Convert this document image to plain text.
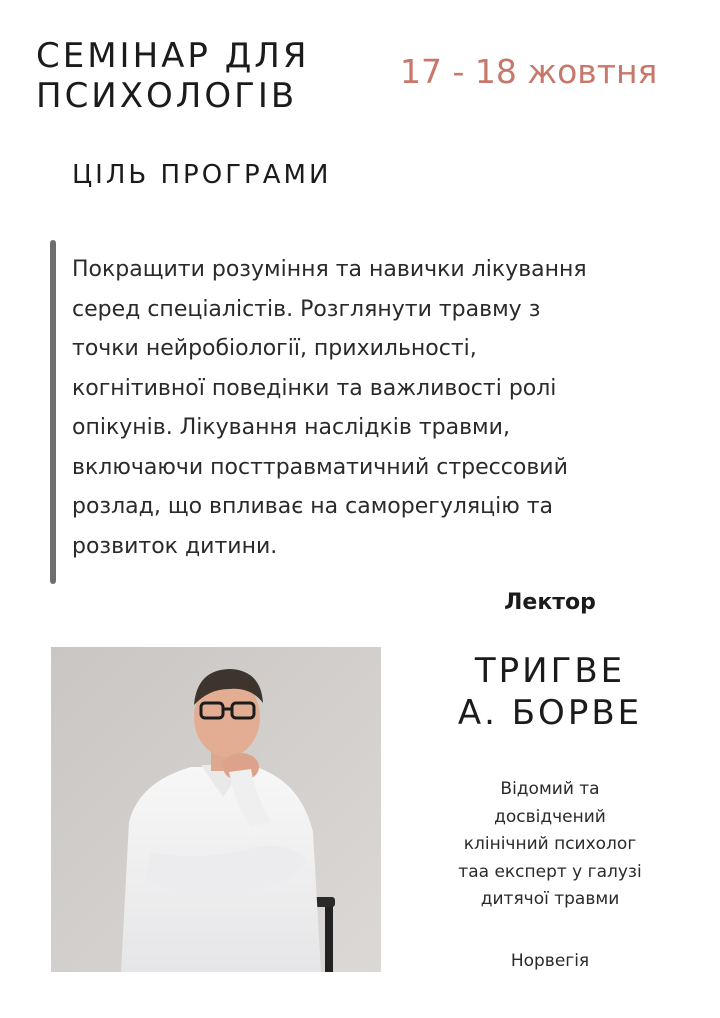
СЕМІНАР ДЛЯ
ПСИХОЛОГІВ
17 - 18 жовтня
ЦІЛЬ ПРОГРАМИ

Покращити розуміння та навички лікування
серед спеціалістів. Розглянути травму з
точки нейробіології, прихильності,
когнітивної поведінки та важливості ролі
опікунів. Лікування наслідків травми,
включаючи посттравматичний стрессовий
розлад, що впливає на саморегуляцію та
розвиток дитини.

Лектор
ТРИГВЕ
А. БОРВЕ
Відомий та
досвідчений
клінічний психолог
таа експерт у галузі
дитячої травми
Норвегія
